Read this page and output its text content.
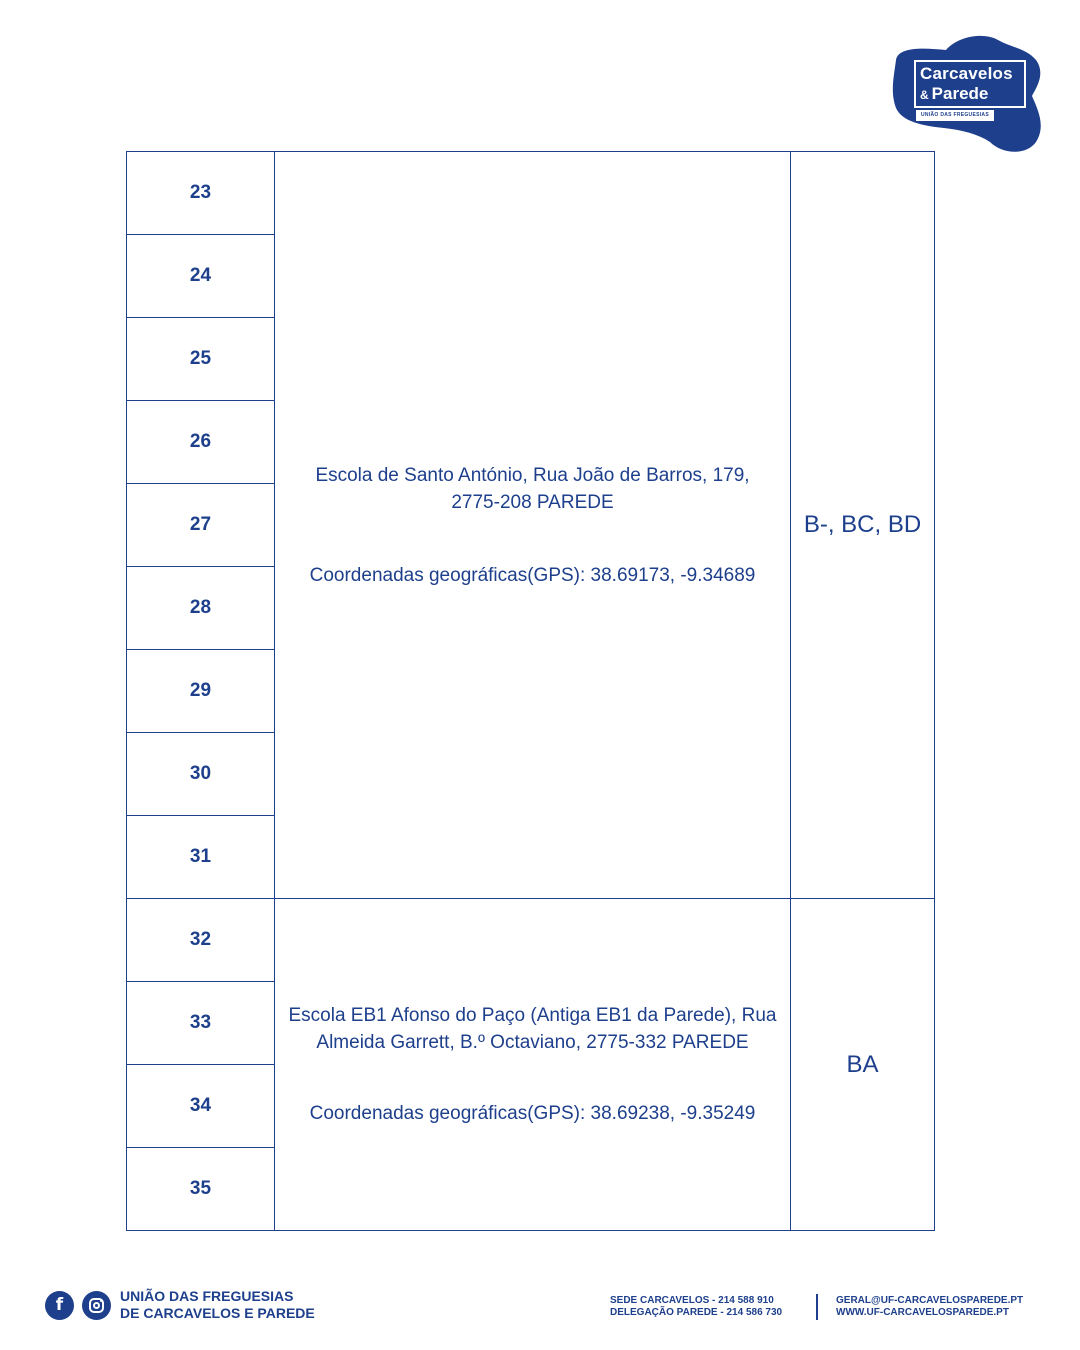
Carcavelos
& Parede
UNIÃO DAS FREGUESIAS
23	Escola de Santo António, Rua João de Barros, 179,
2775-208 PAREDE
Coordenadas geográficas(GPS): 38.69173, -9.34689	B-, BC, BD
24		
25		
26		
27		
28		
29		
30		
31		
32	Escola EB1 Afonso do Paço (Antiga EB1 da Parede), Rua
Almeida Garrett, B.º Octaviano, 2775-332 PAREDE
Coordenadas geográficas(GPS): 38.69238, -9.35249	BA
33		
34		
35		
f	UNIÃO DAS FREGUESIAS
DE CARCAVELOS E PAREDE
SEDE CARCAVELOS - 214 588 910
DELEGAÇÃO PAREDE - 214 586 730
GERAL@UF-CARCAVELOSPAREDE.PT
WWW.UF-CARCAVELOSPAREDE.PT
